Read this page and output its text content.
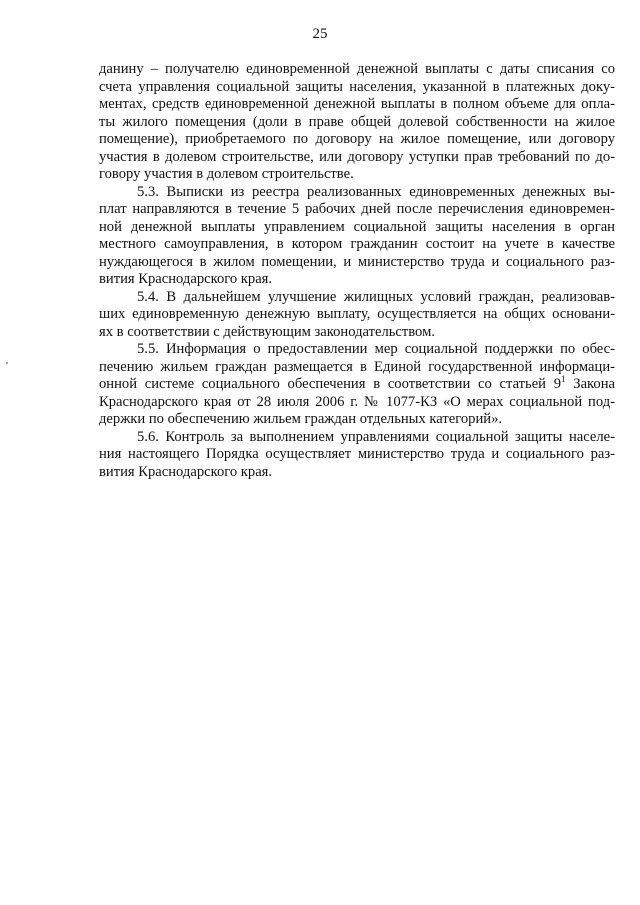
25
данину – получателю единовременной денежной выплаты с даты списания со
счета управления социальной защиты населения, указанной в платежных доку-
ментах, средств единовременной денежной выплаты в полном объеме для опла-
ты жилого помещения (доли в праве общей долевой собственности на жилое
помещение), приобретаемого по договору на жилое помещение, или договору
участия в долевом строительстве, или договору уступки прав требований по до-
говору участия в долевом строительстве.
5.3. Выписки из реестра реализованных единовременных денежных вы-
плат направляются в течение 5 рабочих дней после перечисления единовремен-
ной денежной выплаты управлением социальной защиты населения в орган
местного самоуправления, в котором гражданин состоит на учете в качестве
нуждающегося в жилом помещении, и министерство труда и социального раз-
вития Краснодарского края.
5.4. В дальнейшем улучшение жилищных условий граждан, реализовав-
ших единовременную денежную выплату, осуществляется на общих основани-
ях в соответствии с действующим законодательством.
5.5. Информация о предоставлении мер социальной поддержки по обес-
печению жильем граждан размещается в Единой государственной информаци-
онной системе социального обеспечения в соответствии со статьей $9^1$ Закона
Краснодарского края от 28 июля 2006 г. № 1077-КЗ «О мерах социальной под-
держки по обеспечению жильем граждан отдельных категорий».
5.6. Контроль за выполнением управлениями социальной защиты населе-
ния настоящего Порядка осуществляет министерство труда и социального раз-
вития Краснодарского края.
